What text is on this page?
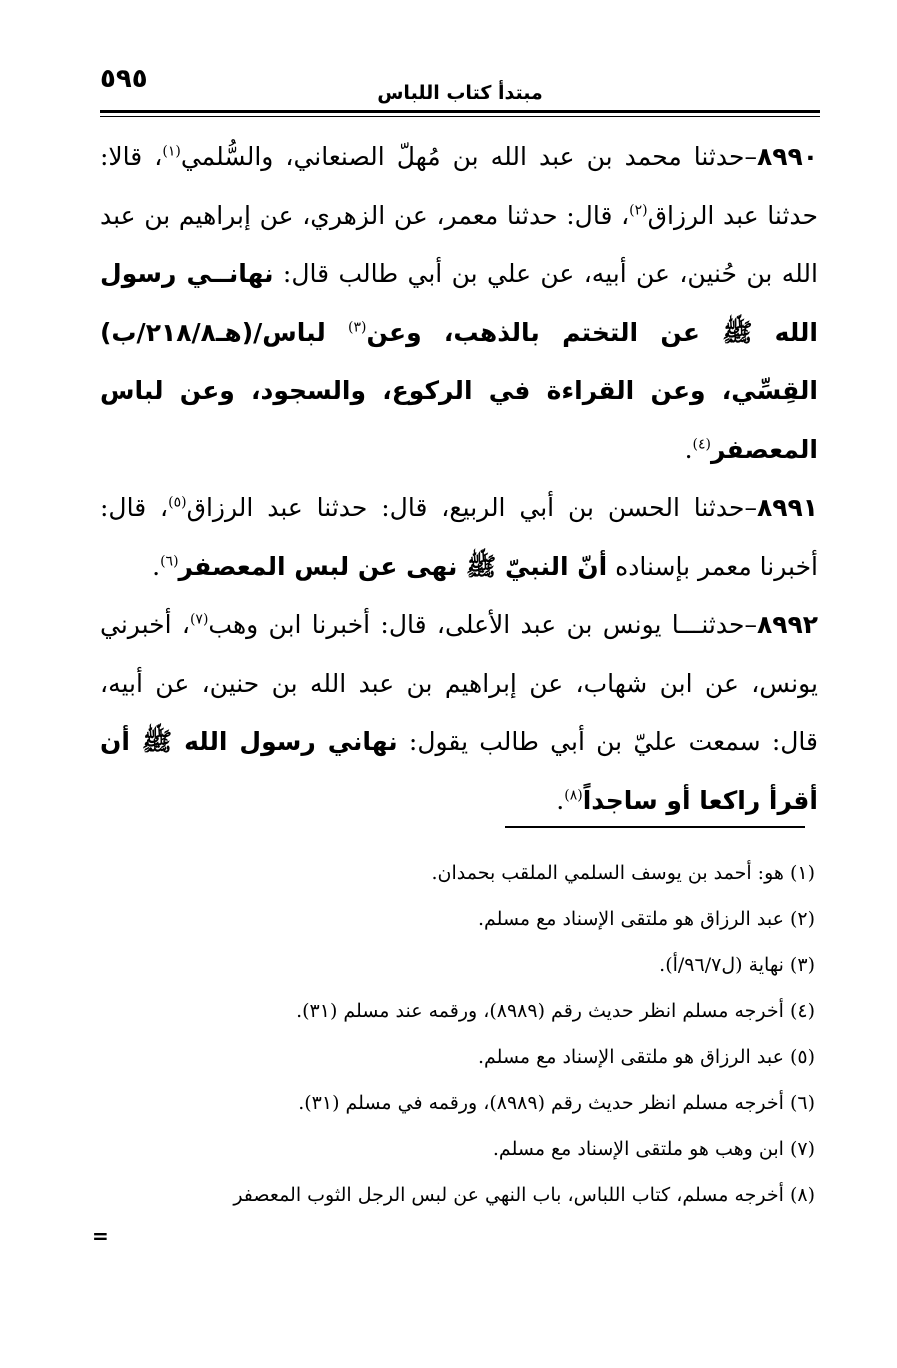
٥٩٥	مبتدأ كتاب اللباس

٨٩٩٠–حدثنا محمد بن عبد الله بن مُهلّ الصنعاني، والسُّلمي$^{(١)}$، قالا: حدثنا عبد الرزاق$^{(٢)}$، قال: حدثنا معمر، عن الزهري، عن إبراهيم بن عبد الله بن حُنين، عن أبيه، عن علي بن أبي طالب قال: نهانــي رسول الله ﷺ عن التختم بالذهب، وعن$^{(٣)}$ لباس/(هـ٢١٨/٨/ب) القِسِّي، وعن القراءة في الركوع، والسجود، وعن لباس المعصفر$^{(٤)}$.

٨٩٩١–حدثنا الحسن بن أبي الربيع، قال: حدثنا عبد الرزاق$^{(٥)}$، قال: أخبرنا معمر بإسناده أنّ النبيّ ﷺ نهى عن لبس المعصفر$^{(٦)}$.

٨٩٩٢–حدثنـــا يونس بن عبد الأعلى، قال: أخبرنا ابن وهب$^{(٧)}$، أخبرني يونس، عن ابن شهاب، عن إبراهيم بن عبد الله بن حنين، عن أبيه، قال: سمعت عليّ بن أبي طالب يقول: نهاني رسول الله ﷺ أن أقرأ راكعا أو ساجداً$^{(٨)}$.

(١) هو: أحمد بن يوسف السلمي الملقب بحمدان.

(٢) عبد الرزاق هو ملتقى الإسناد مع مسلم.

(٣) نهاية (ل٩٦/٧/أ).

(٤) أخرجه مسلم انظر حديث رقم (٨٩٨٩)، ورقمه عند مسلم (٣١).

(٥) عبد الرزاق هو ملتقى الإسناد مع مسلم.

(٦) أخرجه مسلم انظر حديث رقم (٨٩٨٩)، ورقمه في مسلم (٣١).

(٧) ابن وهب هو ملتقى الإسناد مع مسلم.

(٨) أخرجه مسلم، كتاب اللباس، باب النهي عن لبس الرجل الثوب المعصفر

=
